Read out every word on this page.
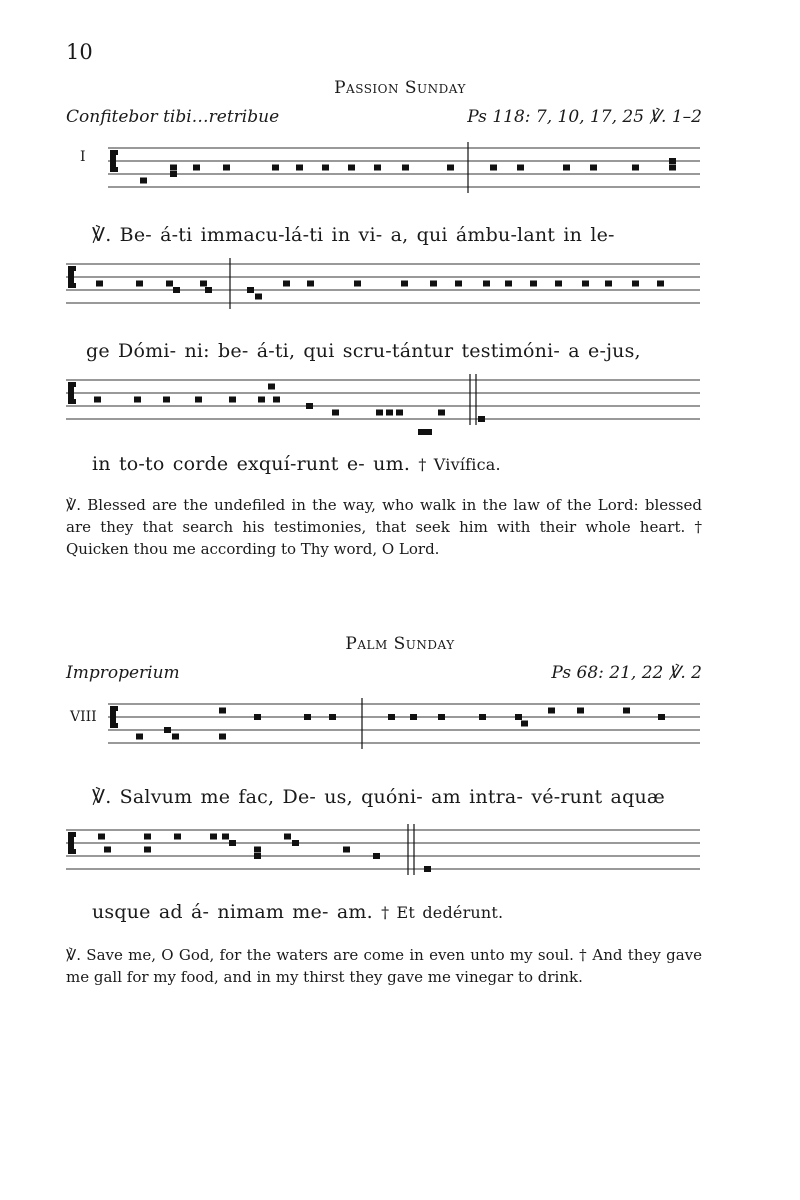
10
Passion Sunday
Confitebor tibi…retribue	Ps 118: 7, 10, 17, 25 ℣. 1–2
I
℣. Be- á-ti immacu-lá-ti in vi- a, qui ámbu-lant in le-
ge Dómi- ni: be- á-ti, qui scru-tántur testimóni- a e-jus,
in to-to corde exquí-runt e- um. † Vivífica.
℣. Blessed are the undefiled in the way, who walk in the law of the Lord: blessed are they that search his testimonies, that seek him with their whole heart. † Quicken thou me according to Thy word, O Lord.
Palm Sunday
Improperium	Ps 68: 21, 22 ℣. 2
VIII
℣. Salvum me fac, De- us, quóni- am intra- vé-runt aquæ
usque ad á- nimam me- am. † Et dedérunt.
℣. Save me, O God, for the waters are come in even unto my soul. † And they gave me gall for my food, and in my thirst they gave me vinegar to drink.
